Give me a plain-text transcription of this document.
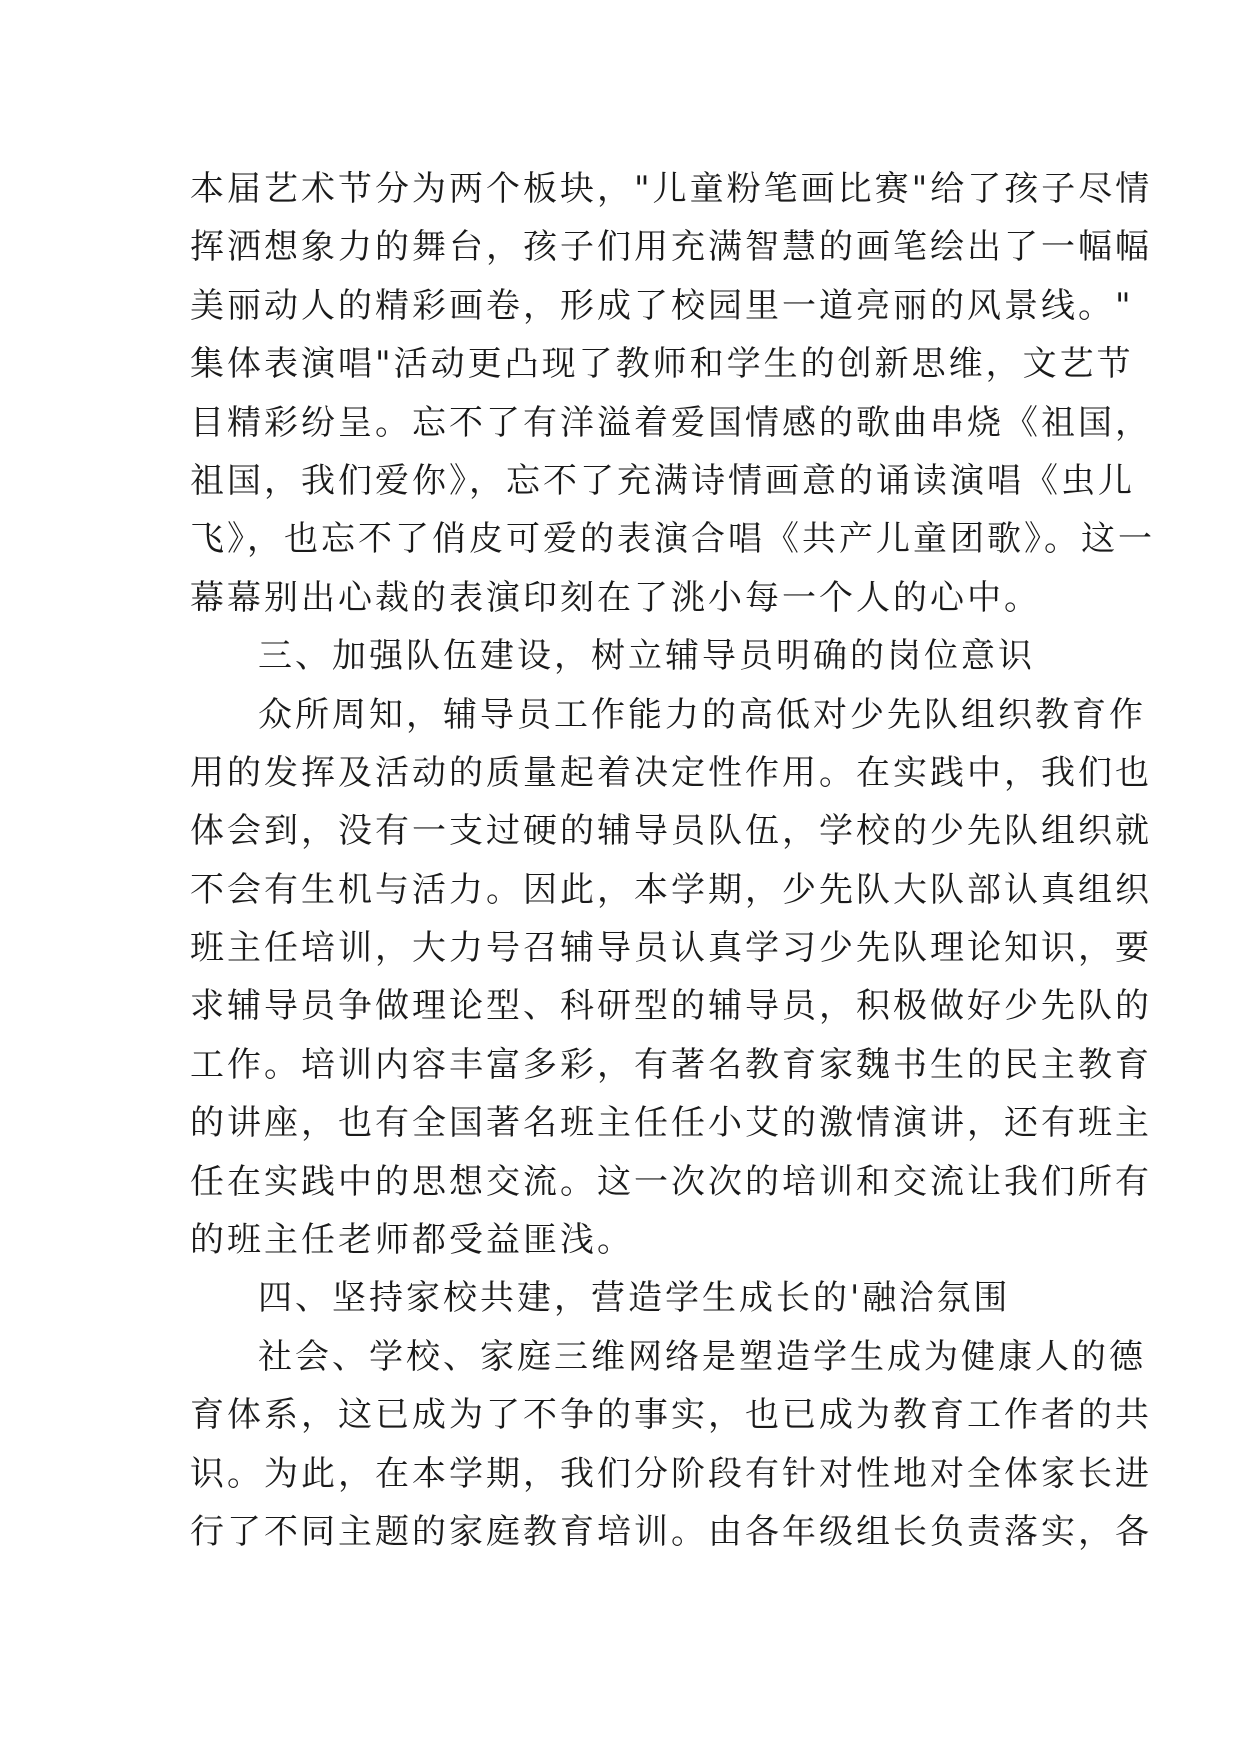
本届艺术节分为两个板块，"儿童粉笔画比赛"给了孩子尽情
挥洒想象力的舞台，孩子们用充满智慧的画笔绘出了一幅幅
美丽动人的精彩画卷，形成了校园里一道亮丽的风景线。"
集体表演唱"活动更凸现了教师和学生的创新思维，文艺节
目精彩纷呈。忘不了有洋溢着爱国情感的歌曲串烧《祖国，
祖国，我们爱你》，忘不了充满诗情画意的诵读演唱《虫儿
飞》，也忘不了俏皮可爱的表演合唱《共产儿童团歌》。这一
幕幕别出心裁的表演印刻在了洮小每一个人的心中。
三、加强队伍建设，树立辅导员明确的岗位意识
众所周知，辅导员工作能力的高低对少先队组织教育作
用的发挥及活动的质量起着决定性作用。在实践中，我们也
体会到，没有一支过硬的辅导员队伍，学校的少先队组织就
不会有生机与活力。因此，本学期，少先队大队部认真组织
班主任培训，大力号召辅导员认真学习少先队理论知识，要
求辅导员争做理论型、科研型的辅导员，积极做好少先队的
工作。培训内容丰富多彩，有著名教育家魏书生的民主教育
的讲座，也有全国著名班主任任小艾的激情演讲，还有班主
任在实践中的思想交流。这一次次的培训和交流让我们所有
的班主任老师都受益匪浅。
四、坚持家校共建，营造学生成长的'融洽氛围
社会、学校、家庭三维网络是塑造学生成为健康人的德
育体系，这已成为了不争的事实，也已成为教育工作者的共
识。为此，在本学期，我们分阶段有针对性地对全体家长进
行了不同主题的家庭教育培训。由各年级组长负责落实，各
